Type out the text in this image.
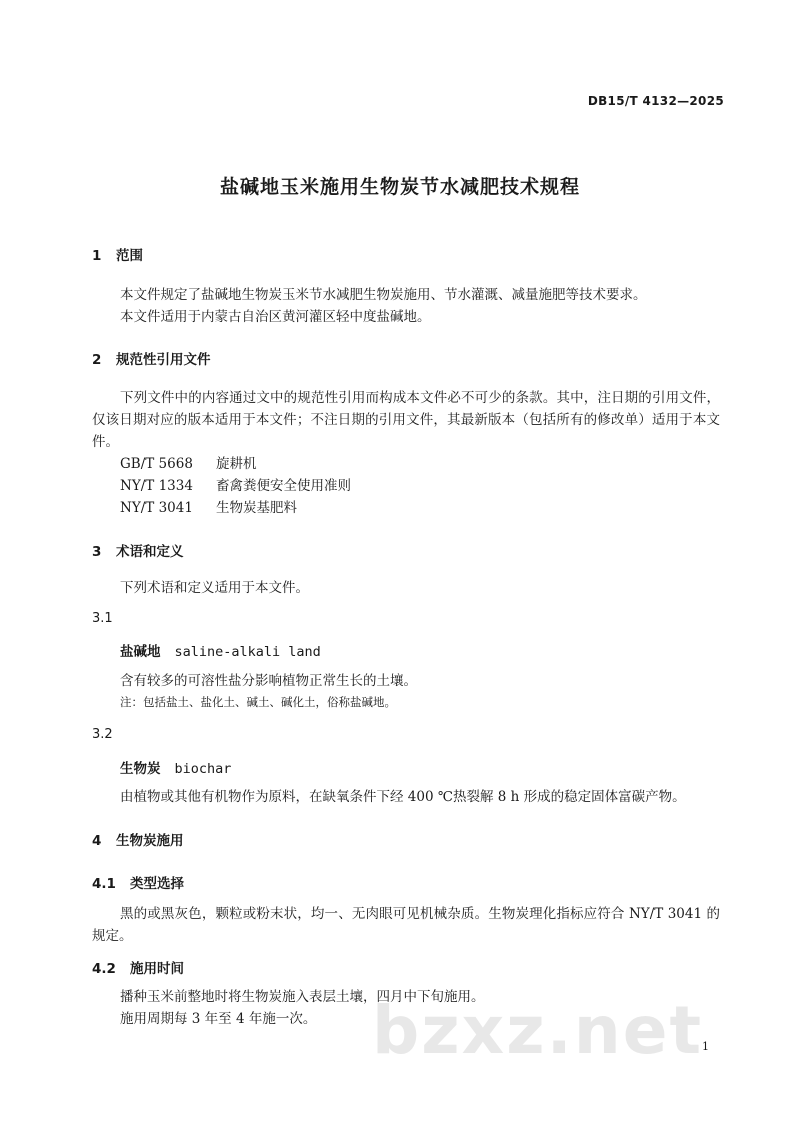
DB15/T 4132—2025
盐碱地玉米施用生物炭节水减肥技术规程
1 范围
本文件规定了盐碱地生物炭玉米节水减肥生物炭施用、节水灌溉、减量施肥等技术要求。
本文件适用于内蒙古自治区黄河灌区轻中度盐碱地。
2 规范性引用文件
下列文件中的内容通过文中的规范性引用而构成本文件必不可少的条款。其中，注日期的引用文件，仅该日期对应的版本适用于本文件；不注日期的引用文件，其最新版本（包括所有的修改单）适用于本文件。
GB/T 5668 旋耕机
NY/T 1334 畜禽粪便安全使用准则
NY/T 3041 生物炭基肥料
3 术语和定义
下列术语和定义适用于本文件。
3.1
盐碱地 saline-alkali land
含有较多的可溶性盐分影响植物正常生长的土壤。
注：包括盐土、盐化土、碱土、碱化土，俗称盐碱地。
3.2
生物炭 biochar
由植物或其他有机物作为原料，在缺氧条件下经 400 ℃热裂解 8 h 形成的稳定固体富碳产物。
4 生物炭施用
4.1 类型选择
黑的或黑灰色，颗粒或粉末状，均一、无肉眼可见机械杂质。生物炭理化指标应符合 NY/T 3041 的规定。
4.2 施用时间
播种玉米前整地时将生物炭施入表层土壤，四月中下旬施用。
施用周期每 3 年至 4 年施一次。 bzxz.net
1
